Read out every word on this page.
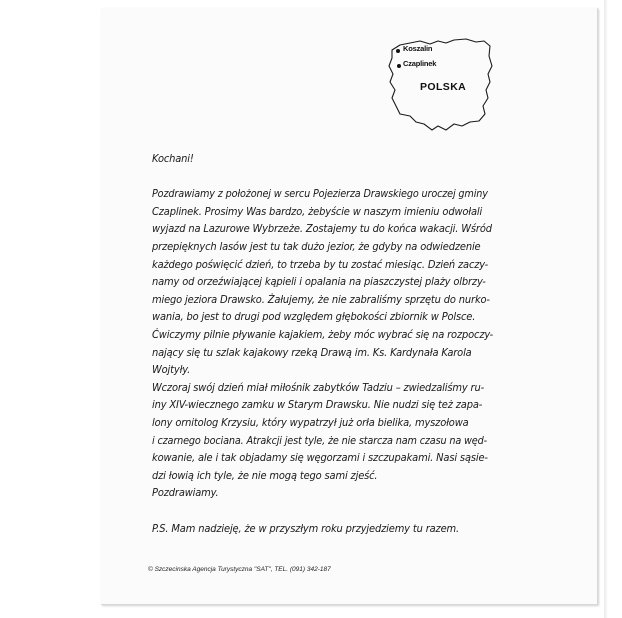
Koszalin
Czaplinek
POLSKA
Kochani!
Pozdrawiamy z położonej w sercu Pojezierza Drawskiego uroczej gminy
Czaplinek. Prosimy Was bardzo, żebyście w naszym imieniu odwołali
wyjazd na Lazurowe Wybrzeże. Zostajemy tu do końca wakacji. Wśród
przepięknych lasów jest tu tak dużo jezior, że gdyby na odwiedzenie
każdego poświęcić dzień, to trzeba by tu zostać miesiąc. Dzień zaczy-
namy od orzeźwiającej kąpieli i opalania na piaszczystej plaży olbrzy-
miego jeziora Drawsko. Żałujemy, że nie zabraliśmy sprzętu do nurko-
wania, bo jest to drugi pod względem głębokości zbiornik w Polsce.
Ćwiczymy pilnie pływanie kajakiem, żeby móc wybrać się na rozpoczy-
nający się tu szlak kajakowy rzeką Drawą im. Ks. Kardynała Karola
Wojtyły.
Wczoraj swój dzień miał miłośnik zabytków Tadziu – zwiedzaliśmy ru-
iny XIV-wiecznego zamku w Starym Drawsku. Nie nudzi się też zapa-
lony ornitolog Krzysiu, który wypatrzył już orła bielika, myszołowa
i czarnego bociana. Atrakcji jest tyle, że nie starcza nam czasu na węd-
kowanie, ale i tak objadamy się węgorzami i szczupakami. Nasi sąsie-
dzi łowią ich tyle, że nie mogą tego sami zjeść.
Pozdrawiamy.
P.S. Mam nadzieję, że w przyszłym roku przyjedziemy tu razem.
© Szczecinska Agencja Turystyczna "SAT", TEL. (091) 342-187
